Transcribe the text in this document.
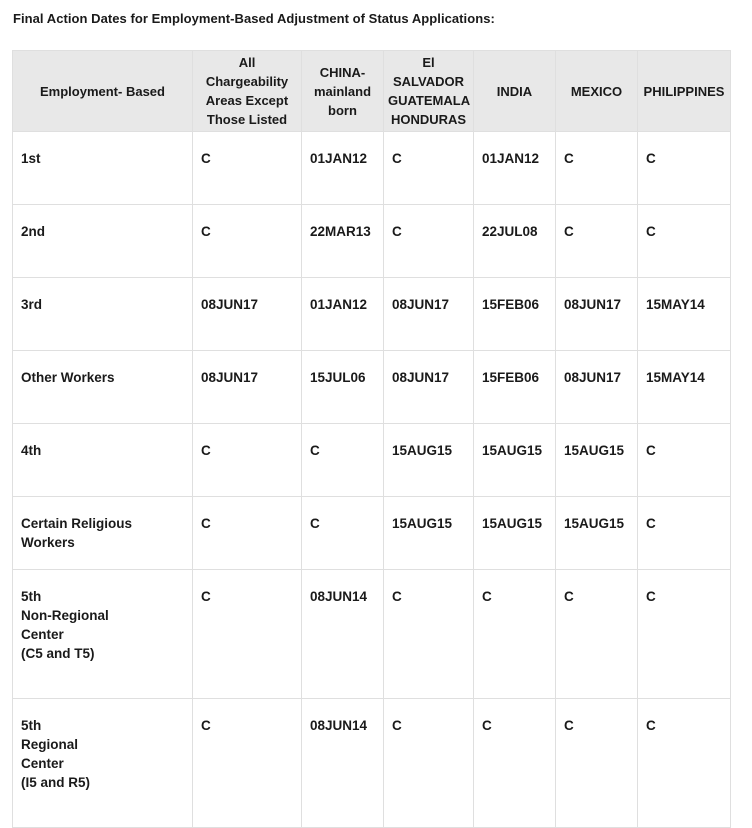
Final Action Dates for Employment-Based Adjustment of Status Applications:
Employment- Based	All Chargeability Areas Except Those Listed	CHINA- mainland born	El SALVADOR GUATEMALA HONDURAS	INDIA	MEXICO	PHILIPPINES
1st	C	01JAN12	C	01JAN12	C	C
2nd	C	22MAR13	C	22JUL08	C	C
3rd	08JUN17	01JAN12	08JUN17	15FEB06	08JUN17	15MAY14
Other Workers	08JUN17	15JUL06	08JUN17	15FEB06	08JUN17	15MAY14
4th	C	C	15AUG15	15AUG15	15AUG15	C
Certain Religious Workers	C	C	15AUG15	15AUG15	15AUG15	C
5th
Non-Regional
Center
(C5 and T5)	C	08JUN14	C	C	C	C
5th
Regional
Center
(I5 and R5)	C	08JUN14	C	C	C	C
